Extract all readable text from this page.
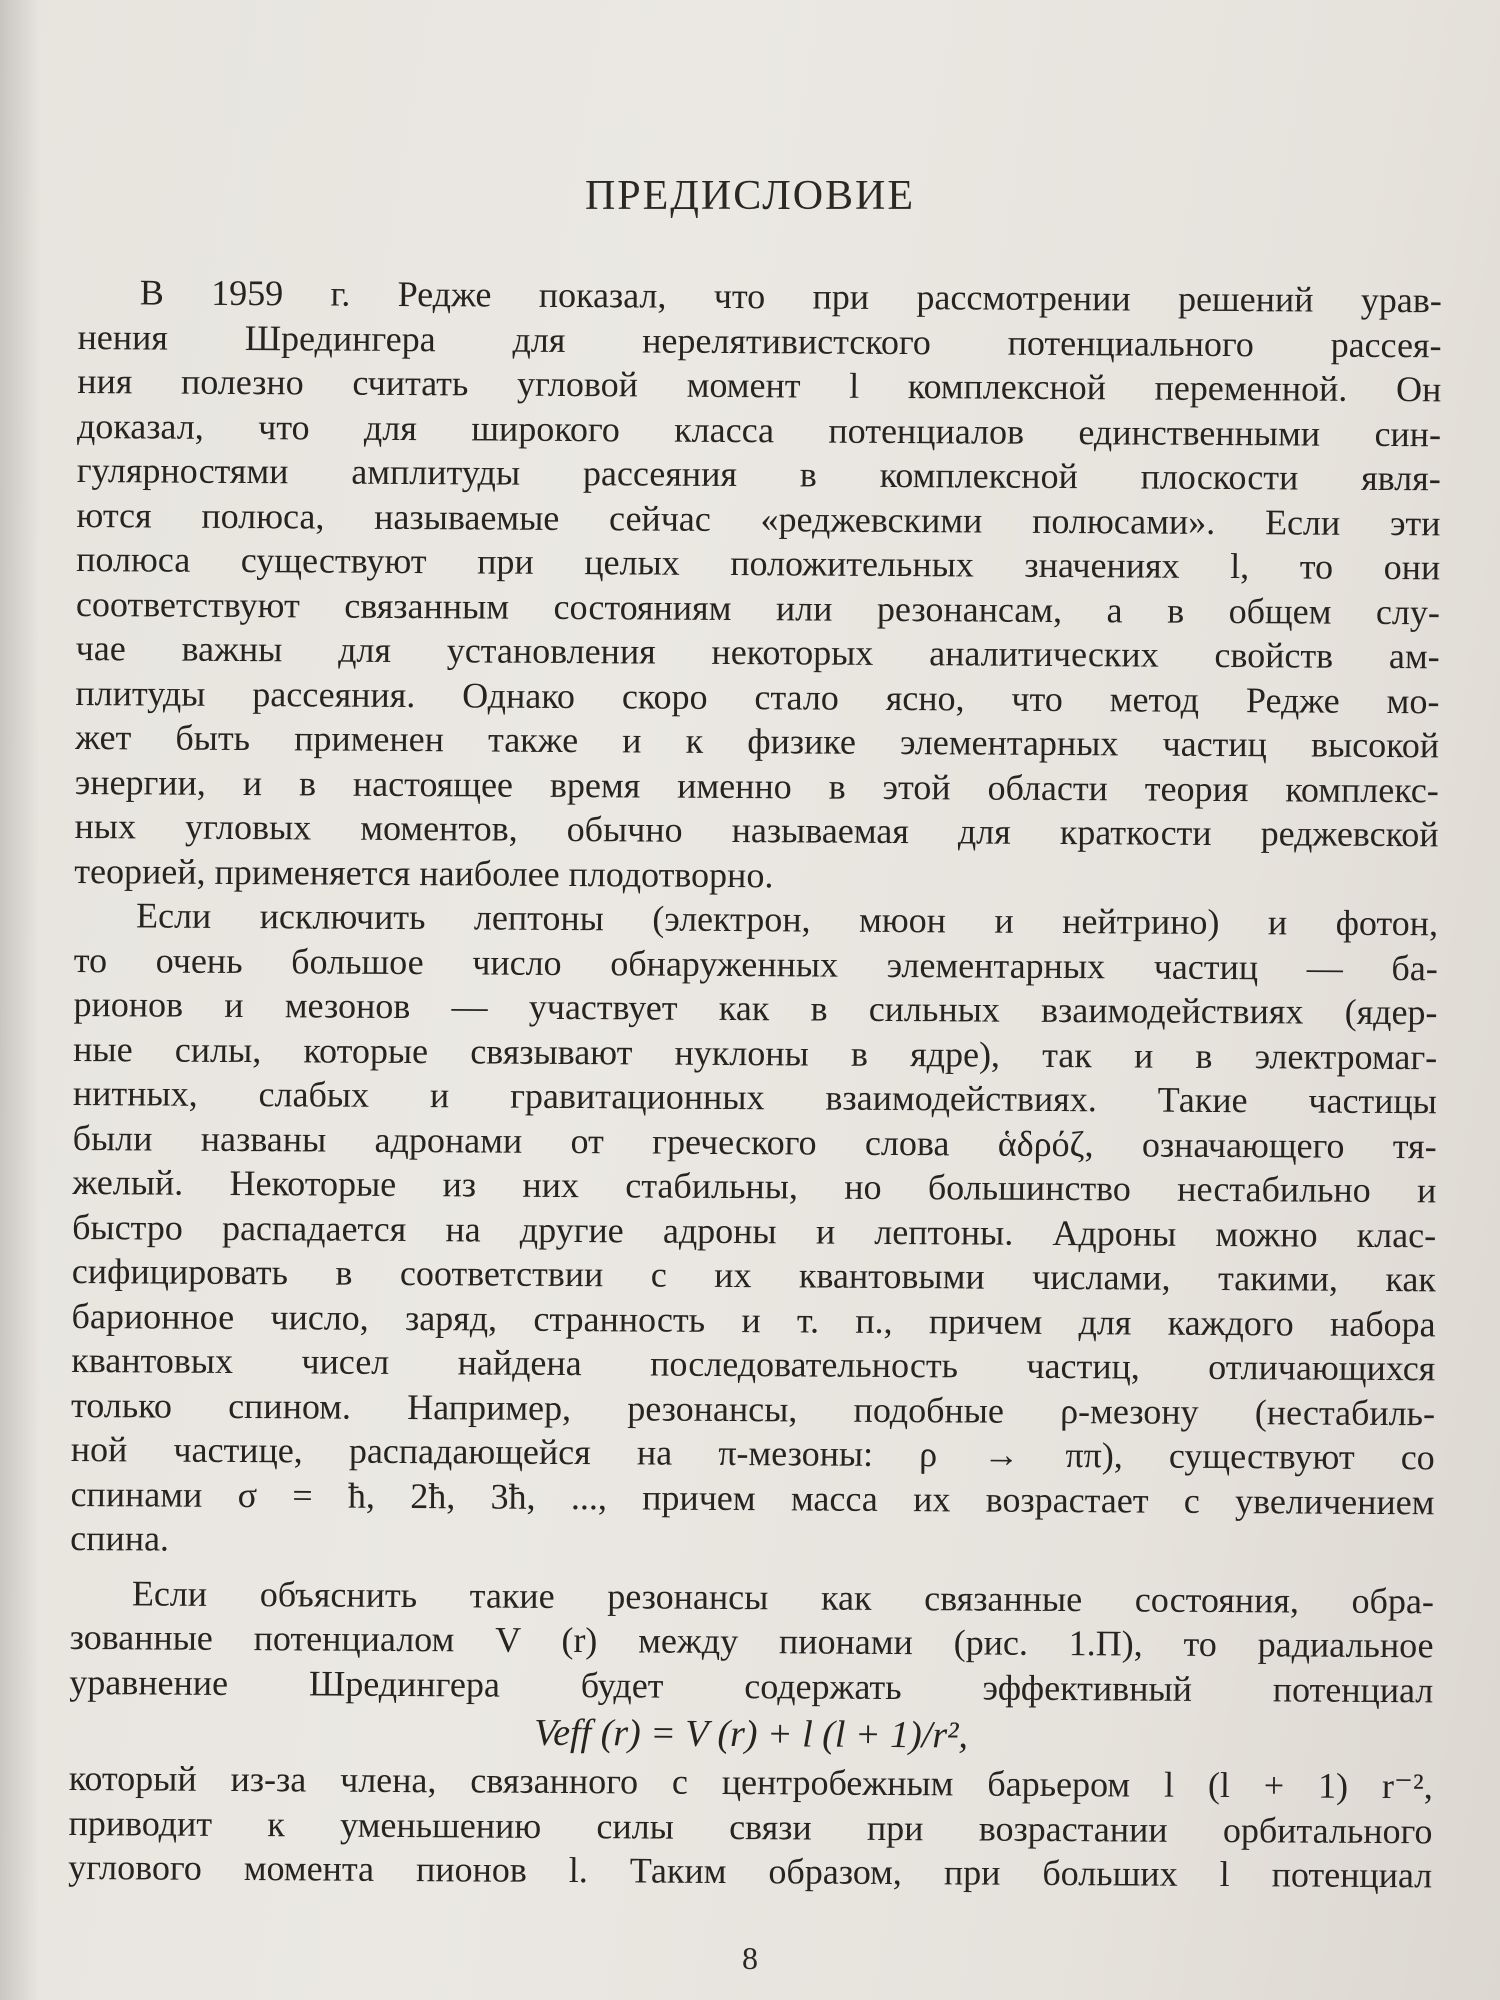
ПРЕДИСЛОВИЕ
В 1959 г. Редже показал, что при рассмотрении решений урав-
нения Шредингера для нерелятивистского потенциального рассея-
ния полезно считать угловой момент l комплексной переменной. Он
доказал, что для широкого класса потенциалов единственными син-
гулярностями амплитуды рассеяния в комплексной плоскости явля-
ются полюса, называемые сейчас «реджевскими полюсами». Если эти
полюса существуют при целых положительных значениях l, то они
соответствуют связанным состояниям или резонансам, а в общем слу-
чае важны для установления некоторых аналитических свойств ам-
плитуды рассеяния. Однако скоро стало ясно, что метод Редже мо-
жет быть применен также и к физике элементарных частиц высокой
энергии, и в настоящее время именно в этой области теория комплекс-
ных угловых моментов, обычно называемая для краткости реджевской
теорией, применяется наиболее плодотворно.
Если исключить лептоны (электрон, мюон и нейтрино) и фотон,
то очень большое число обнаруженных элементарных частиц — ба-
рионов и мезонов — участвует как в сильных взаимодействиях (ядер-
ные силы, которые связывают нуклоны в ядре), так и в электромаг-
нитных, слабых и гравитационных взаимодействиях. Такие частицы
были названы адронами от греческого слова ἁδρόζ, означающего тя-
желый. Некоторые из них стабильны, но большинство нестабильно и
быстро распадается на другие адроны и лептоны. Адроны можно клас-
сифицировать в соответствии с их квантовыми числами, такими, как
барионное число, заряд, странность и т. п., причем для каждого набора
квантовых чисел найдена последовательность частиц, отличающихся
только спином. Например, резонансы, подобные ρ-мезону (нестабиль-
ной частице, распадающейся на π-мезоны: ρ → ππ), существуют со
спинами σ = ħ, 2ħ, 3ħ, ..., причем масса их возрастает с увеличением
спина.
Если объяснить такие резонансы как связанные состояния, обра-
зованные потенциалом V (r) между пионами (рис. 1.П), то радиальное
уравнение Шредингера будет содержать эффективный потенциал
Veff (r) = V (r) + l (l + 1)/r²,
который из-за члена, связанного с центробежным барьером l (l + 1) r⁻²,
приводит к уменьшению силы связи при возрастании орбитального
углового момента пионов l. Таким образом, при больших l потенциал
8
